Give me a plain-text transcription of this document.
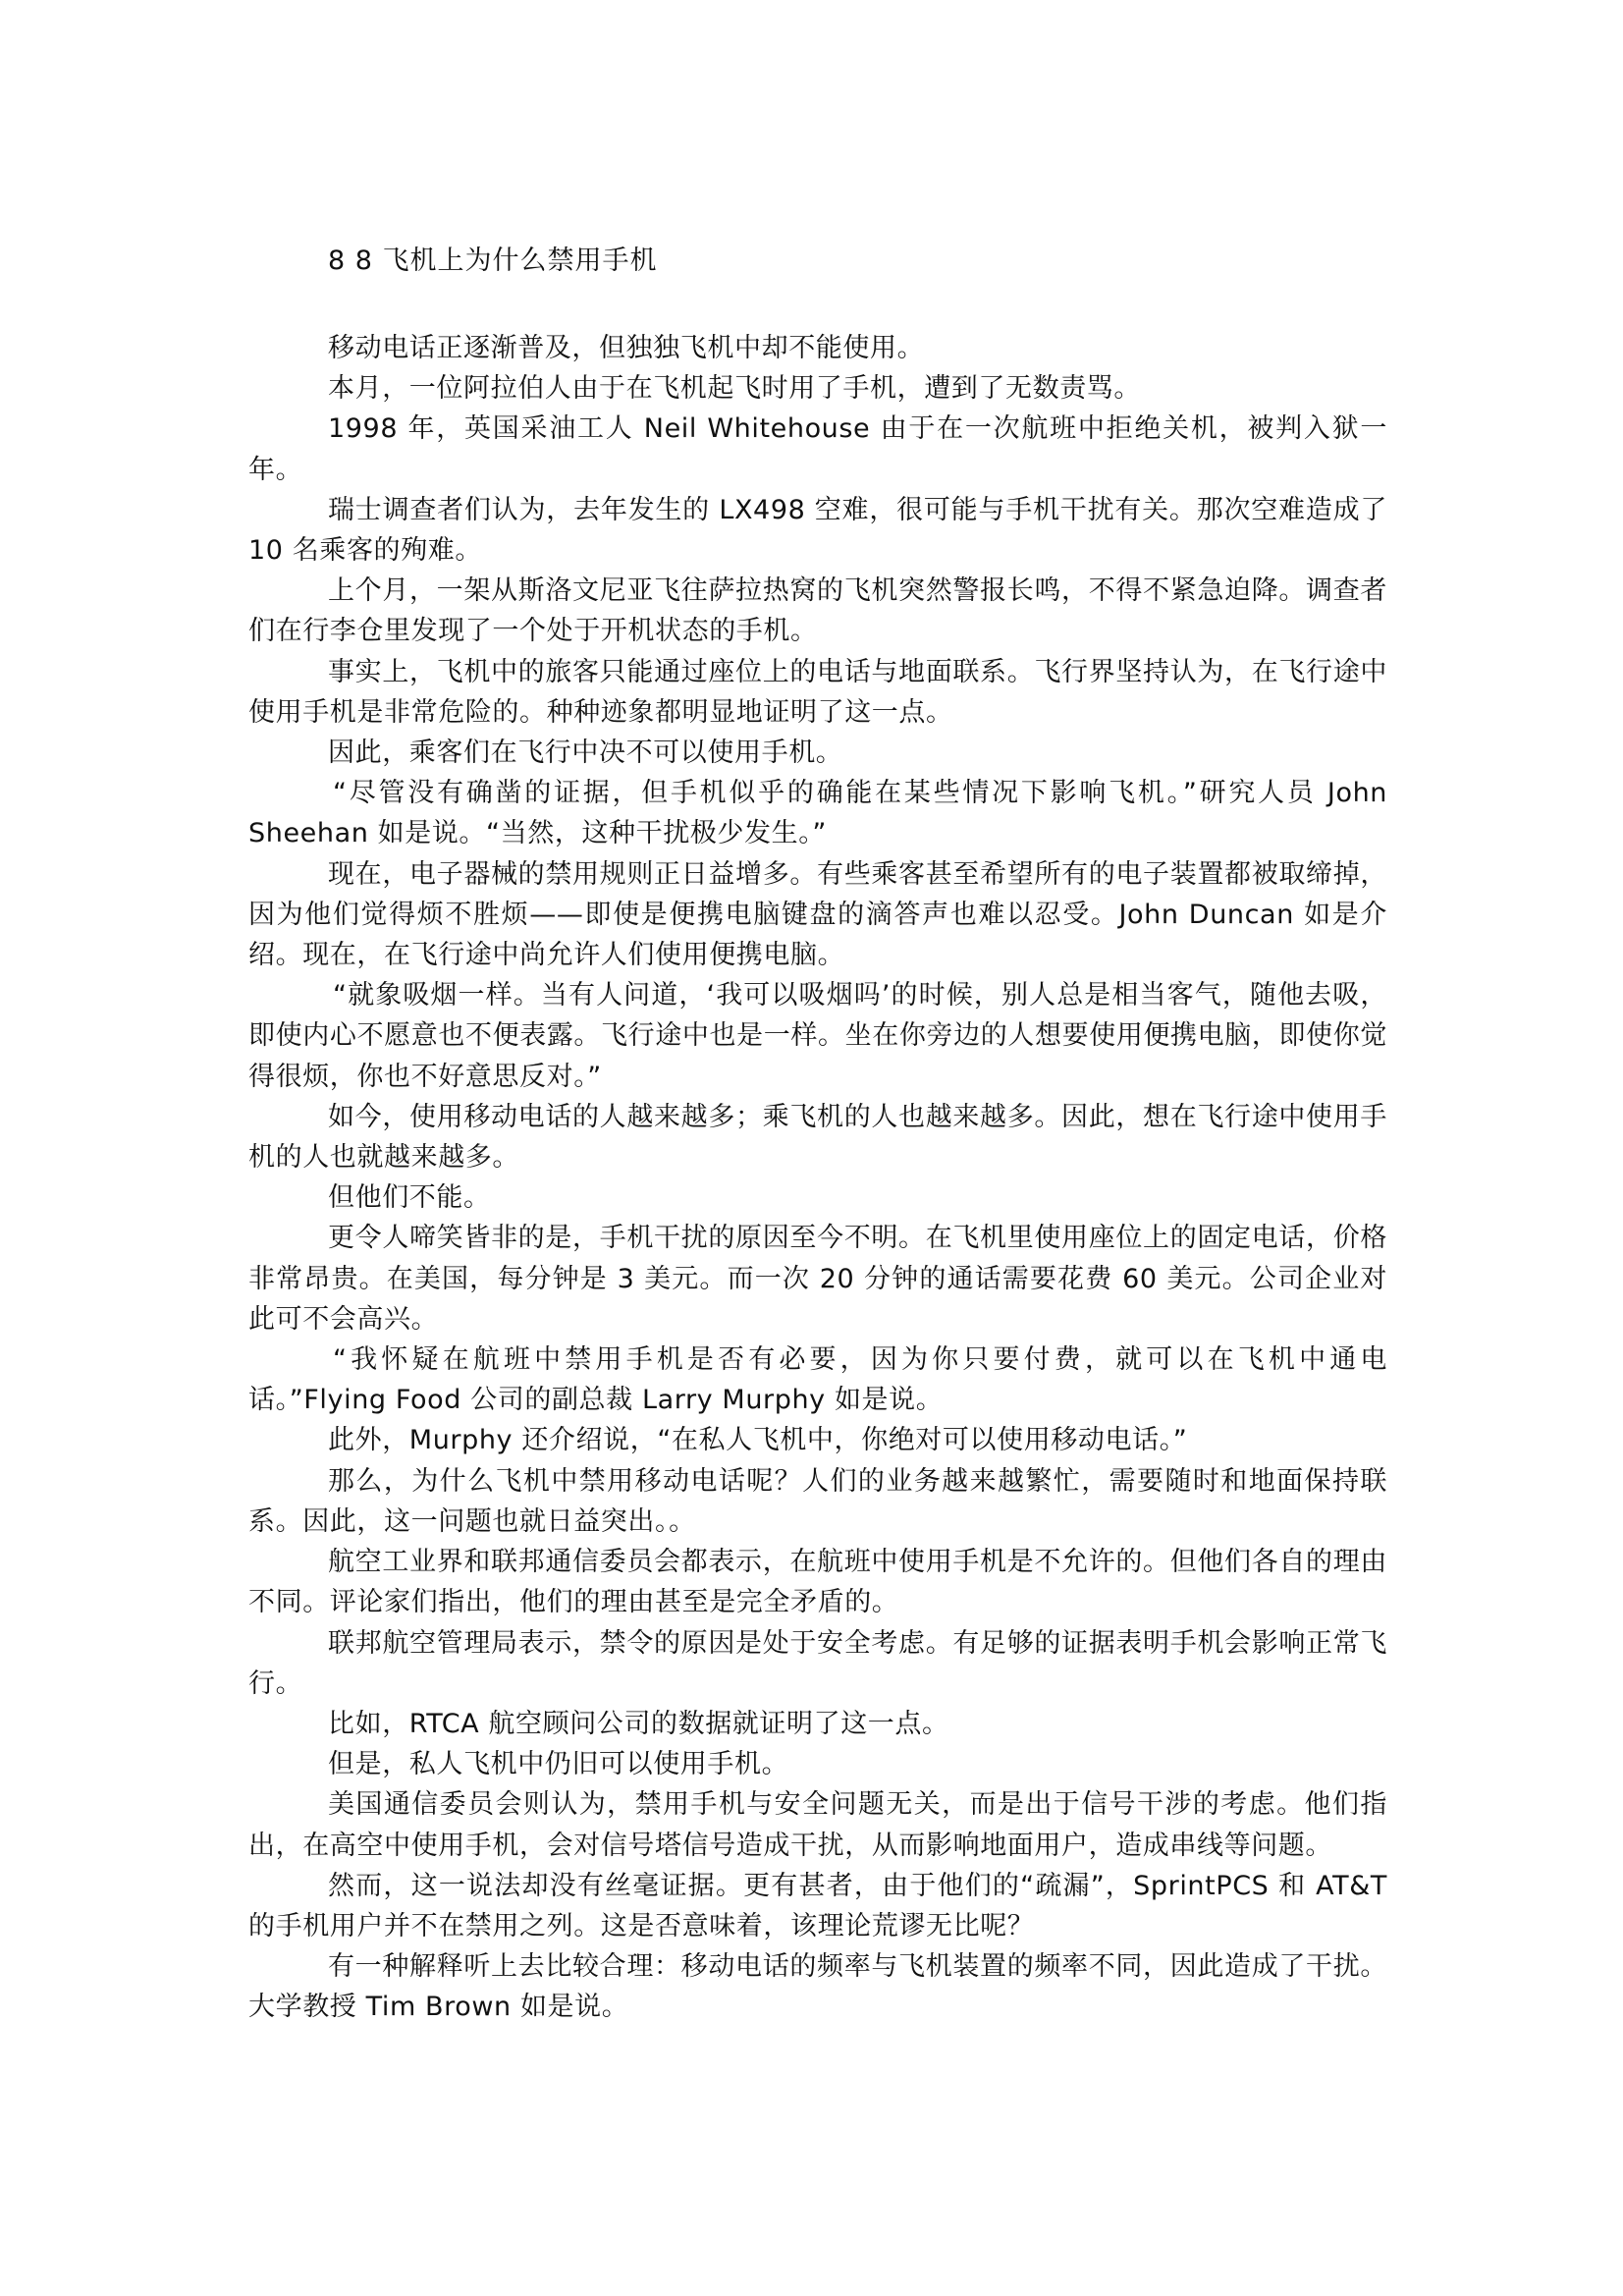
8 8 飞机上为什么禁用手机

移动电话正逐渐普及，但独独飞机中却不能使用。

本月，一位阿拉伯人由于在飞机起飞时用了手机，遭到了无数责骂。

1998 年，英国采油工人 Neil Whitehouse 由于在一次航班中拒绝关机，被判入狱一年。

瑞士调查者们认为，去年发生的 LX498 空难，很可能与手机干扰有关。那次空难造成了 10 名乘客的殉难。

上个月，一架从斯洛文尼亚飞往萨拉热窝的飞机突然警报长鸣，不得不紧急迫降。调查者们在行李仓里发现了一个处于开机状态的手机。

事实上，飞机中的旅客只能通过座位上的电话与地面联系。飞行界坚持认为，在飞行途中使用手机是非常危险的。种种迹象都明显地证明了这一点。

因此，乘客们在飞行中决不可以使用手机。

“尽管没有确凿的证据，但手机似乎的确能在某些情况下影响飞机。”研究人员 John Sheehan 如是说。“当然，这种干扰极少发生。”

现在，电子器械的禁用规则正日益增多。有些乘客甚至希望所有的电子装置都被取缔掉，因为他们觉得烦不胜烦——即使是便携电脑键盘的滴答声也难以忍受。John Duncan 如是介绍。现在，在飞行途中尚允许人们使用便携电脑。

“就象吸烟一样。当有人问道，‘我可以吸烟吗’的时候，别人总是相当客气，随他去吸，即使内心不愿意也不便表露。飞行途中也是一样。坐在你旁边的人想要使用便携电脑，即使你觉得很烦，你也不好意思反对。”

如今，使用移动电话的人越来越多；乘飞机的人也越来越多。因此，想在飞行途中使用手机的人也就越来越多。

但他们不能。

更令人啼笑皆非的是，手机干扰的原因至今不明。在飞机里使用座位上的固定电话，价格非常昂贵。在美国，每分钟是 3 美元。而一次 20 分钟的通话需要花费 60 美元。公司企业对此可不会高兴。

“我怀疑在航班中禁用手机是否有必要，因为你只要付费，就可以在飞机中通电话。”Flying Food 公司的副总裁 Larry Murphy 如是说。

此外，Murphy 还介绍说，“在私人飞机中，你绝对可以使用移动电话。”

那么，为什么飞机中禁用移动电话呢？人们的业务越来越繁忙，需要随时和地面保持联系。因此，这一问题也就日益突出。。

航空工业界和联邦通信委员会都表示，在航班中使用手机是不允许的。但他们各自的理由不同。评论家们指出，他们的理由甚至是完全矛盾的。

联邦航空管理局表示，禁令的原因是处于安全考虑。有足够的证据表明手机会影响正常飞行。

比如，RTCA 航空顾问公司的数据就证明了这一点。

但是，私人飞机中仍旧可以使用手机。

美国通信委员会则认为，禁用手机与安全问题无关，而是出于信号干涉的考虑。他们指出，在高空中使用手机，会对信号塔信号造成干扰，从而影响地面用户，造成串线等问题。

然而，这一说法却没有丝毫证据。更有甚者，由于他们的“疏漏”，SprintPCS 和 AT&T 的手机用户并不在禁用之列。这是否意味着，该理论荒谬无比呢？

有一种解释听上去比较合理：移动电话的频率与飞机装置的频率不同，因此造成了干扰。大学教授 Tim Brown 如是说。
